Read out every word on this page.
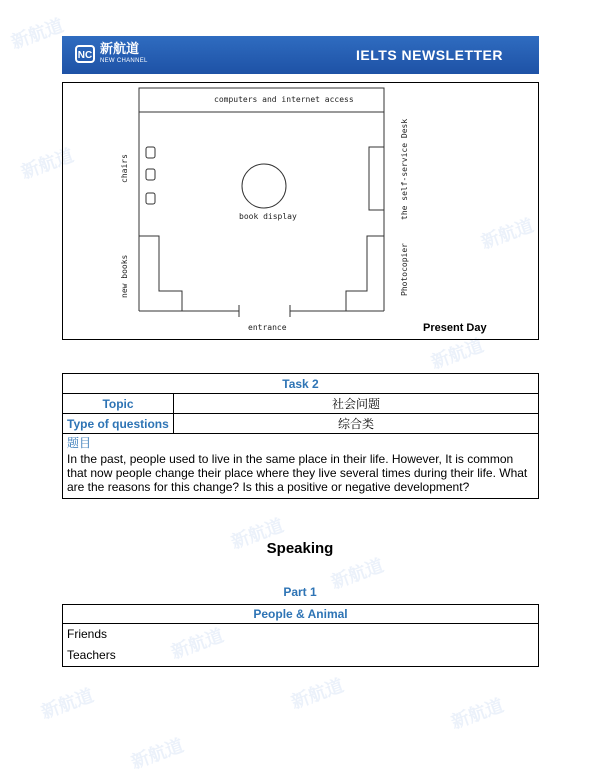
新航道
新航道
新航道
新航道
新航道
新航道
新航道
新航道
新航道	新航道
新航道
NC 新航道
NEW CHANNEL	IELTS NEWSLETTER
computers and internet access
book display
chairs
new books
the self-service Desk
Photocopier
entrance	Present Day
Task 2	
Topic	社会问题
Type of questions	综合类

题目
In the past, people used to live in the same place in their life. However, It is common that now people change their place where they live several times during their life. What are the reasons for this change? Is this a positive or negative development?	
Speaking
Part 1
People & Animal
Friends
Teachers
